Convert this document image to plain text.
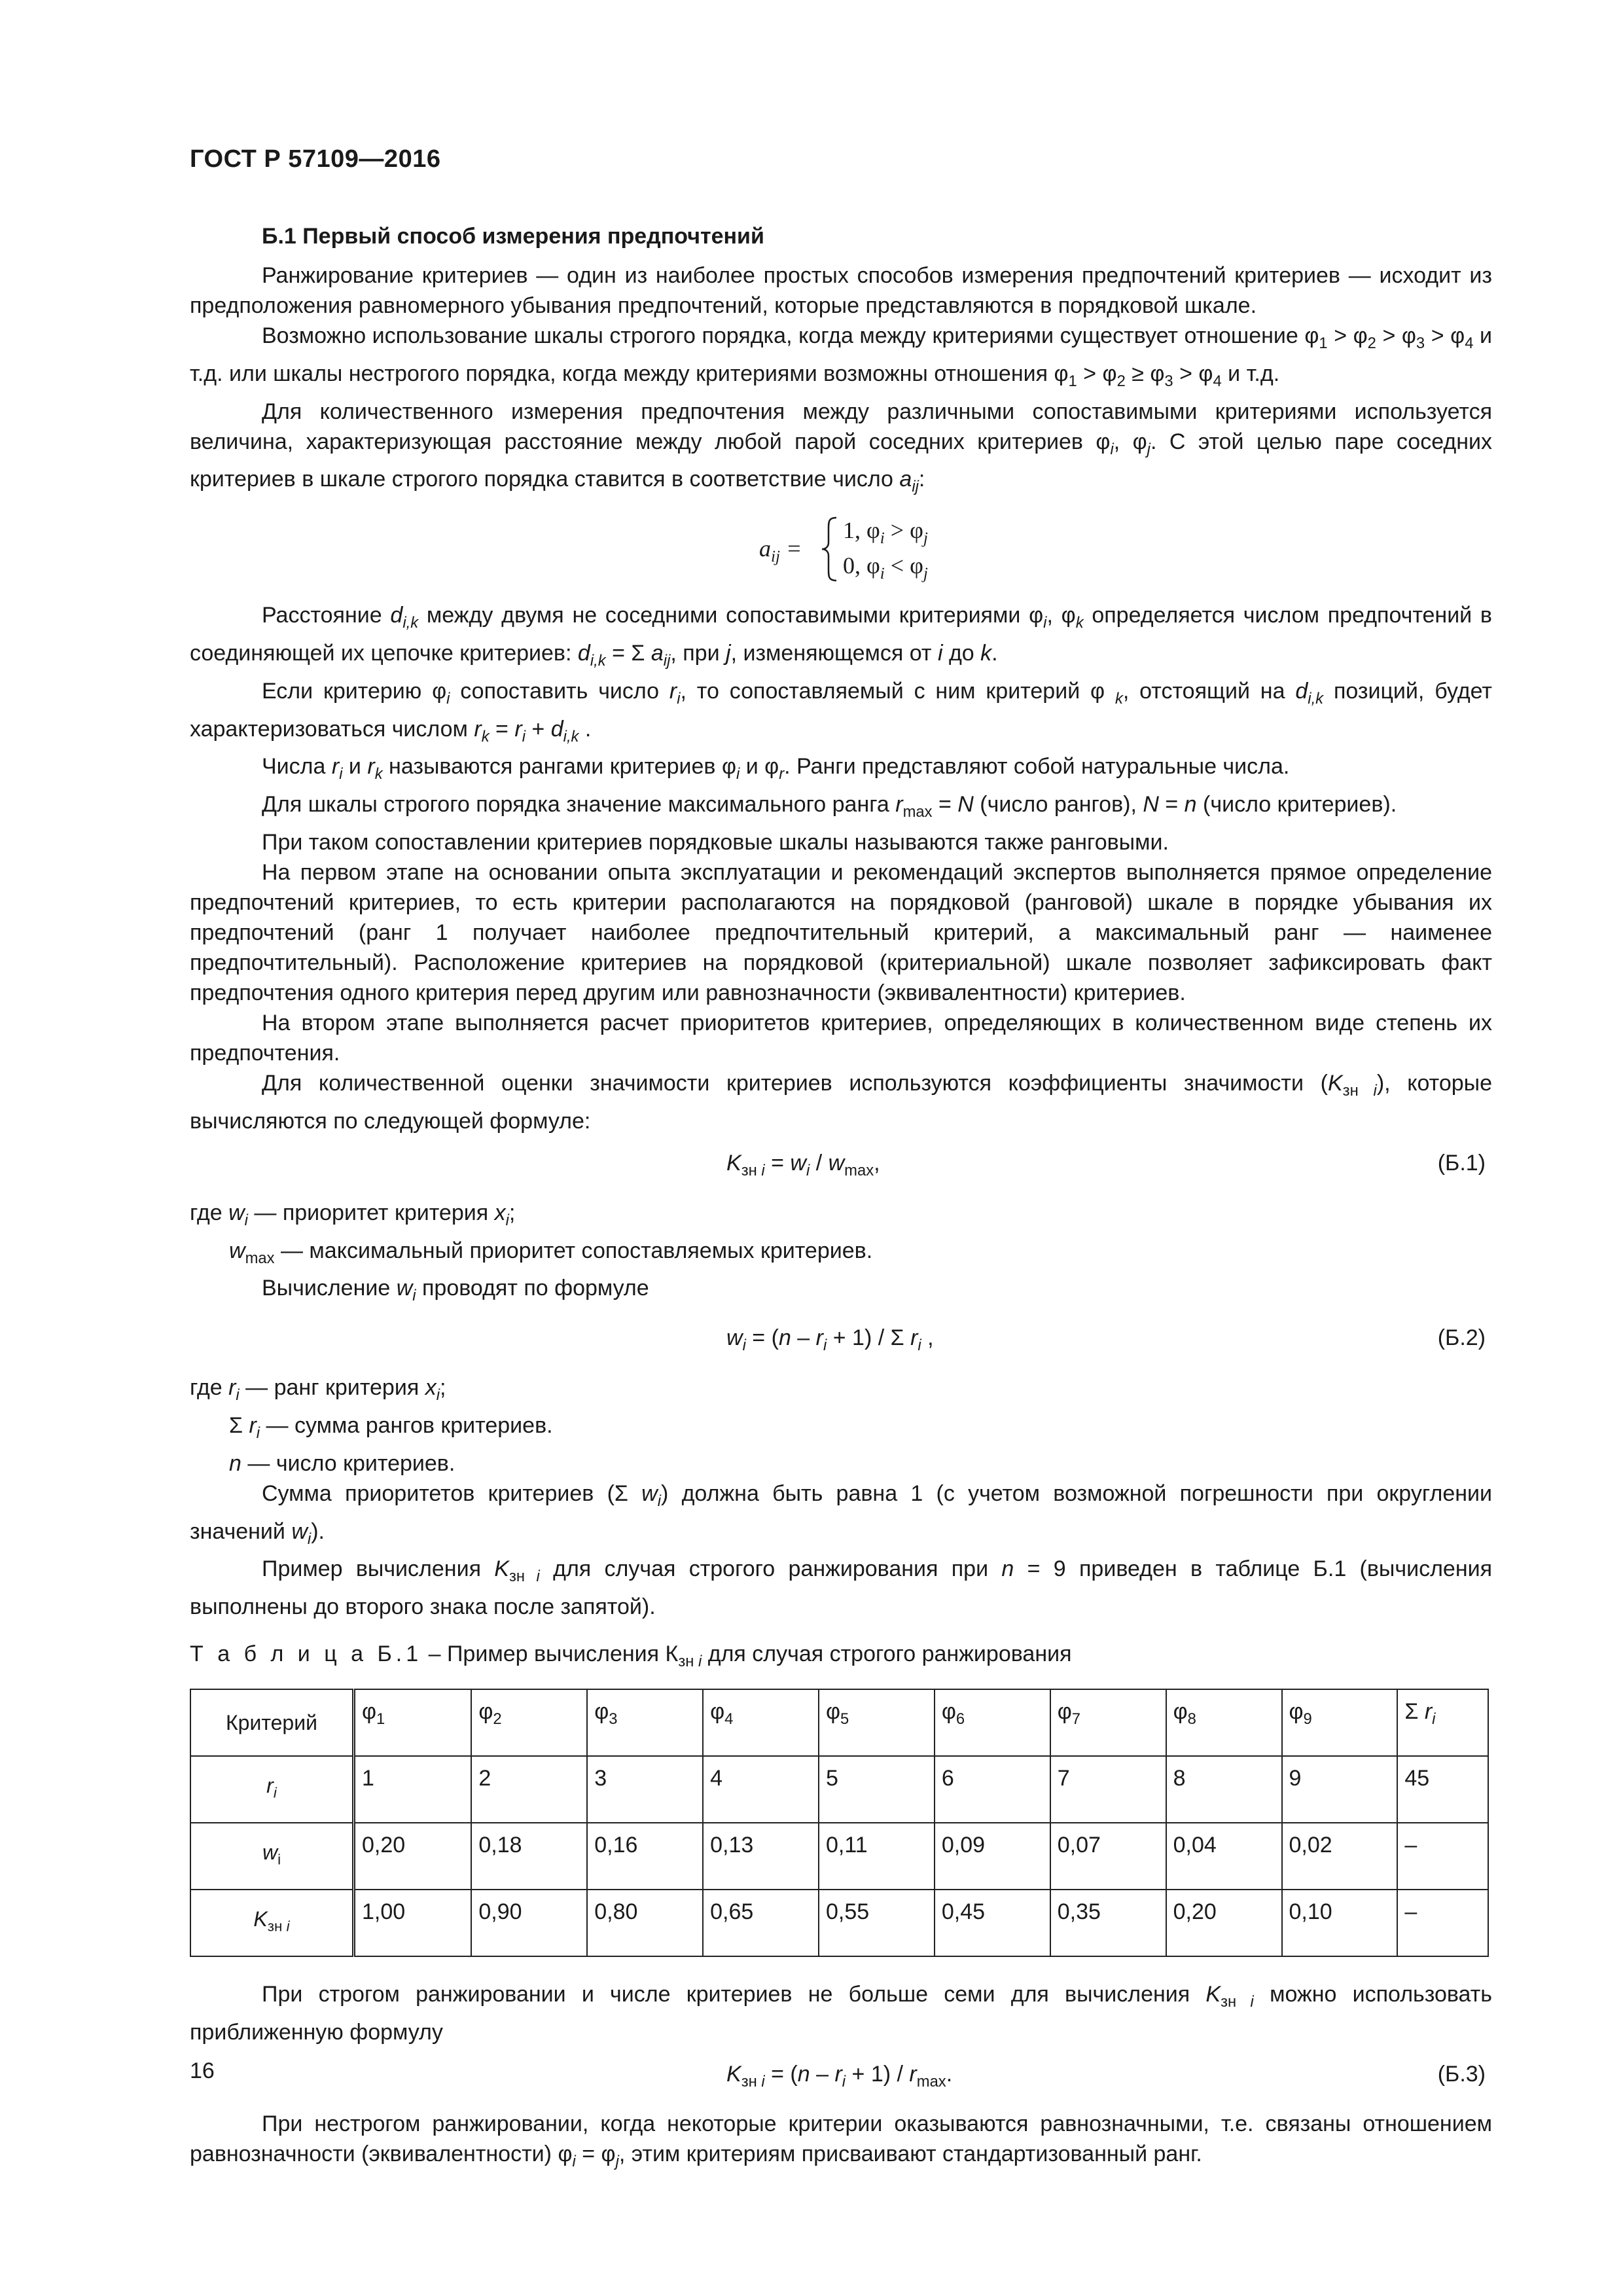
ГОСТ Р 57109—2016
Б.1 Первый способ измерения предпочтений

Ранжирование критериев — один из наиболее простых способов измерения предпочтений критериев — исходит из предположения равномерного убывания предпочтений, которые представляются в порядковой шкале.

Возможно использование шкалы строгого порядка, когда между критериями существует отношение $\varphi_1 > \varphi_2 > \varphi_3 > \varphi_4$ и т.д. или шкалы нестрогого порядка, когда между критериями возможны отношения $\varphi_1 > \varphi_2 \ge \varphi_3 > \varphi_4$ и т.д.

Для количественного измерения предпочтения между различными сопоставимыми критериями используется величина, характеризующая расстояние между любой парой соседних критериев $\varphi_i$, $\varphi_j$. С этой целью паре соседних критериев в шкале строгого порядка ставится в соответствие число $a_{ij}$:

$a_{ij}$ =
1, $\varphi_i > \varphi_j$
0, $\varphi_i < \varphi_j$

Расстояние $d_{i,k}$ между двумя не соседними сопоставимыми критериями $\varphi_i$, $\varphi_k$ определяется числом предпочтений в соединяющей их цепочке критериев: $d_{i,k} = \Sigma$ $a_{ij}$, при j, изменяющемся от i до k.

Если критерию $\varphi_i$ сопоставить число $r_i$, то сопоставляемый с ним критерий φ $_k$, отстоящий на $d_{i,k}$ позиций, будет характеризоваться числом $r_k = r_i + d_{i,k}$ .

Числа $r_i$ и $r_k$ называются рангами критериев $\varphi_i$ и $\varphi_r$. Ранги представляют собой натуральные числа.

Для шкалы строгого порядка значение максимального ранга $r_{max} = N$ (число рангов), N = n (число критериев).

При таком сопоставлении критериев порядковые шкалы называются также ранговыми.

На первом этапе на основании опыта эксплуатации и рекомендаций экспертов выполняется прямое определение предпочтений критериев, то есть критерии располагаются на порядковой (ранговой) шкале в порядке убывания их предпочтений (ранг 1 получает наиболее предпочтительный критерий, а максимальный ранг — наименее предпочтительный). Расположение критериев на порядковой (критериальной) шкале позволяет зафиксировать факт предпочтения одного критерия перед другим или равнозначности (эквивалентности) критериев.

На втором этапе выполняется расчет приоритетов критериев, определяющих в количественном виде степень их предпочтения.

Для количественной оценки значимости критериев используются коэффициенты значимости $(K_{зн i})$, которые вычисляются по следующей формуле:

$K_{зн i} = w_i / w_{max}$,	(Б.1)

где $w_i$ — приоритет критерия $x_i$;

$w_{max}$ — максимальный приоритет сопоставляемых критериев.

Вычисление $w_i$ проводят по формуле

$w_i = (n - r_i + 1) / \Sigma$ $r_i$ ,	(Б.2)

где $r_i$ — ранг критерия $x_i$;

Σ $r_i$ — сумма рангов критериев.

n — число критериев.

Сумма приоритетов критериев (Σ $w_i$) должна быть равна 1 (с учетом возможной погрешности при округлении значений $w_i$).

Пример вычисления $K_{зн i}$ для случая строгого ранжирования при n = 9 приведен в таблице Б.1 (вычисления выполнены до второго знака после запятой).

Т а б л и ц а Б.1 – Пример вычисления $К_{зн i}$ для случая строгого ранжирования
Критерий	$\varphi_1$	$\varphi_2$	$\varphi_3$	$\varphi_4$	$\varphi_5$	$\varphi_6$	$\varphi_7$	$\varphi_8$	$\varphi_9$	Σ $r_i$
$r_i$	1	2	3	4	5	6	7	8	9	45
$w_i$	0,20	0,18	0,16	0,13	0,11	0,09	0,07	0,04	0,02	–
$K_{зн i}$	1,00	0,90	0,80	0,65	0,55	0,45	0,35	0,20	0,10	–

При строгом ранжировании и числе критериев не больше семи для вычисления $K_{зн i}$ можно использовать приближенную формулу

$K_{зн i} = (n - r_i + 1) / r_{max}$.	(Б.3)

При нестрогом ранжировании, когда некоторые критерии оказываются равнозначными, т.е. связаны отношением равнозначности (эквивалентности) $\varphi_i = \varphi_j$, этим критериям присваивают стандартизованный ранг.

16
